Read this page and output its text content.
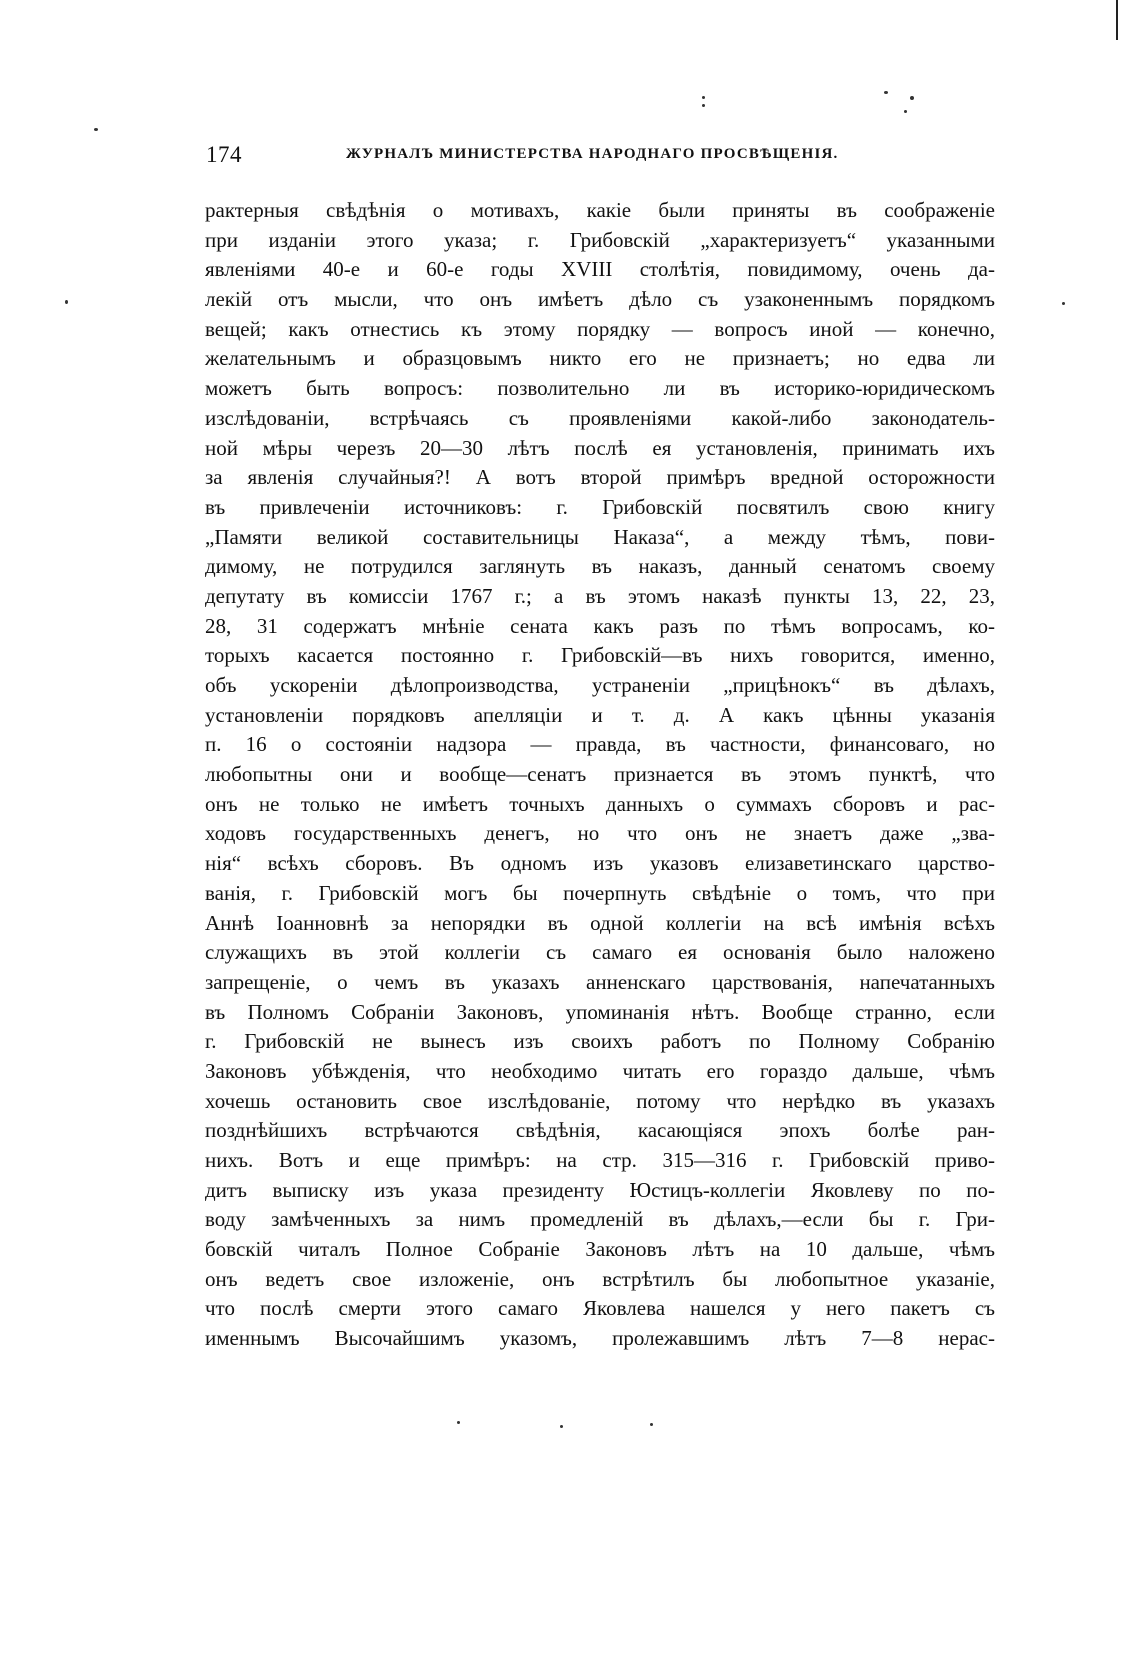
174	ЖУРНАЛЪ МИНИСТЕРСТВА НАРОДНАГО ПРОСВѢЩЕНІЯ.
рактерныя свѣдѣнія о мотивахъ, какіе были приняты въ соображеніе
при изданіи этого указа; г. Грибовскій „характеризуетъ“ указанными
явленіями 40-е и 60-е годы XVIII столѣтія, повидимому, очень да-
лекій отъ мысли, что онъ имѣетъ дѣло съ узаконеннымъ порядкомъ
вещей; какъ отнестись къ этому порядку — вопросъ иной — конечно,
желательнымъ и образцовымъ никто его не признаетъ; но едва ли
можетъ быть вопросъ: позволительно ли въ историко-юридическомъ
изслѣдованіи, встрѣчаясь съ проявленіями какой-либо законодатель-
ной мѣры черезъ 20—30 лѣтъ послѣ ея установленія, принимать ихъ
за явленія случайныя?! А вотъ второй примѣръ вредной осторожности
въ привлеченіи источниковъ: г. Грибовскій посвятилъ свою книгу
„Памяти великой составительницы Наказа“, а между тѣмъ, пови-
димому, не потрудился заглянуть въ наказъ, данный сенатомъ своему
депутату въ комиссіи 1767 г.; а въ этомъ наказѣ пункты 13, 22, 23,
28, 31 содержатъ мнѣніе сената какъ разъ по тѣмъ вопросамъ, ко-
торыхъ касается постоянно г. Грибовскій—въ нихъ говорится, именно,
объ ускореніи дѣлопроизводства, устраненіи „прицѣнокъ“ въ дѣлахъ,
установленіи порядковъ апелляціи и т. д. А какъ цѣнны указанія
п. 16 о состояніи надзора — правда, въ частности, финансоваго, но
любопытны они и вообще—сенатъ признается въ этомъ пунктѣ, что
онъ не только не имѣетъ точныхъ данныхъ о суммахъ сборовъ и рас-
ходовъ государственныхъ денегъ, но что онъ не знаетъ даже „зва-
нія“ всѣхъ сборовъ. Въ одномъ изъ указовъ елизаветинскаго царство-
ванія, г. Грибовскій могъ бы почерпнуть свѣдѣніе о томъ, что при
Аннѣ Іоанновнѣ за непорядки въ одной коллегіи на всѣ имѣнія всѣхъ
служащихъ въ этой коллегіи съ самаго ея основанія было наложено
запрещеніе, о чемъ въ указахъ анненскаго царствованія, напечатанныхъ
въ Полномъ Собраніи Законовъ, упоминанія нѣтъ. Вообще странно, если
г. Грибовскій не вынесъ изъ своихъ работъ по Полному Собранію
Законовъ убѣжденія, что необходимо читать его гораздо дальше, чѣмъ
хочешь остановить свое изслѣдованіе, потому что нерѣдко въ указахъ
позднѣйшихъ встрѣчаются свѣдѣнія, касающіяся эпохъ болѣе ран-
нихъ. Вотъ и еще примѣръ: на стр. 315—316 г. Грибовскій приво-
дитъ выписку изъ указа президенту Юстицъ-коллегіи Яковлеву по по-
воду замѣченныхъ за нимъ промедленій въ дѣлахъ,—если бы г. Гри-
бовскій читалъ Полное Собраніе Законовъ лѣтъ на 10 дальше, чѣмъ
онъ ведетъ свое изложеніе, онъ встрѣтилъ бы любопытное указаніе,
что послѣ смерти этого самаго Яковлева нашелся у него пакетъ съ
именнымъ Высочайшимъ указомъ, пролежавшимъ лѣтъ 7—8 нерас-
